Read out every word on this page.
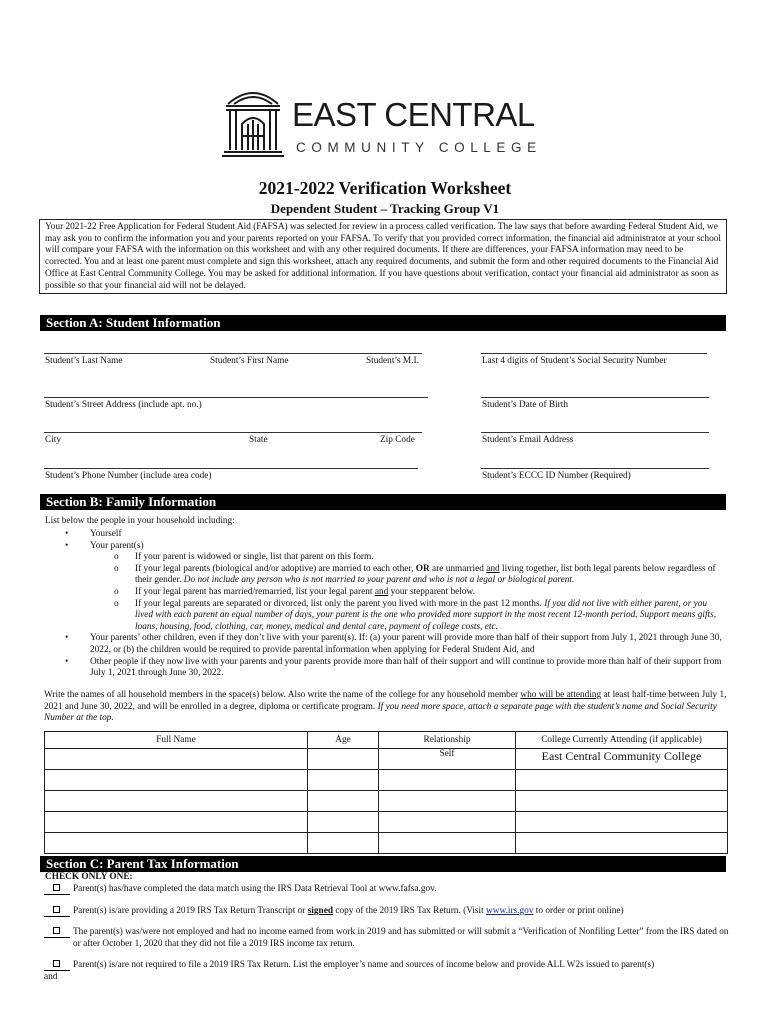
EAST CENTRAL
COMMUNITY COLLEGE
2021-2022 Verification Worksheet
Dependent Student – Tracking Group V1
Your 2021-22 Free Application for Federal Student Aid (FAFSA) was selected for review in a process called verification. The law says that before awarding Federal Student Aid, we may ask you to confirm the information you and your parents reported on your FAFSA. To verify that you provided correct information, the financial aid administrator at your school will compare your FAFSA with the information on this worksheet and with any other required documents. If there are differences, your FAFSA information may need to be corrected. You and at least one parent must complete and sign this worksheet, attach any required documents, and submit the form and other required documents to the Financial Aid Office at East Central Community College. You may be asked for additional information. If you have questions about verification, contact your financial aid administrator as soon as possible so that your financial aid will not be delayed.
Section A: Student Information
Student’s Last Name	Student’s First Name	Student’s M.I.	Last 4 digits of Student’s Social Security Number
Student’s Street Address (include apt. no.)	Student’s Date of Birth
City	State	Zip Code	Student’s Email Address
Student’s Phone Number (include area code)	Student’s ECCC ID Number (Required)
Section B: Family Information
List below the people in your household including:
• Yourself
• Your parent(s)
o If your parent is widowed or single, list that parent on this form.
o If your legal parents (biological and/or adoptive) are married to each other, OR are unmarried and living together, list both legal parents below regardless of their gender. Do not include any person who is not married to your parent and who is not a legal or biological parent.
o If your legal parent has married/remarried, list your legal parent and your stepparent below.
o If your legal parents are separated or divorced, list only the parent you lived with more in the past 12 months. If you did not live with either parent, or you lived with each parent an equal number of days, your parent is the one who provided more support in the most recent 12-month period. Support means gifts, loans, housing, food, clothing, car, money, medical and dental care, payment of college costs, etc.
• Your parents’ other children, even if they don’t live with your parent(s). If: (a) your parent will provide more than half of their support from July 1, 2021 through June 30, 2022, or (b) the children would be required to provide parental information when applying for Federal Student Aid, and
• Other people if they now live with your parents and your parents provide more than half of their support and will continue to provide more than half of their support from July 1, 2021 through June 30, 2022.
Write the names of all household members in the space(s) below. Also write the name of the college for any household member who will be attending at least half-time between July 1, 2021 and June 30, 2022, and will be enrolled in a degree, diploma or certificate program. If you need more space, attach a separate page with the student’s name and Social Security Number at the top.
Full Name	Age	Relationship	College Currently Attending (if applicable)
		Self	East Central Community College

Section C: Parent Tax Information
CHECK ONLY ONE:
Parent(s) has/have completed the data match using the IRS Data Retrieval Tool at www.fafsa.gov.
Parent(s) is/are providing a 2019 IRS Tax Return Transcript or signed copy of the 2019 IRS Tax Return. (Visit www.irs.gov to order or print online)
The parent(s) was/were not employed and had no income earned from work in 2019 and has submitted or will submit a “Verification of Nonfiling Letter” from the IRS dated on or after October 1, 2020 that they did not file a 2019 IRS income tax return.
Parent(s) is/are not required to file a 2019 IRS Tax Return. List the employer’s name and sources of income below and provide ALL W2s issued to parent(s)
and
